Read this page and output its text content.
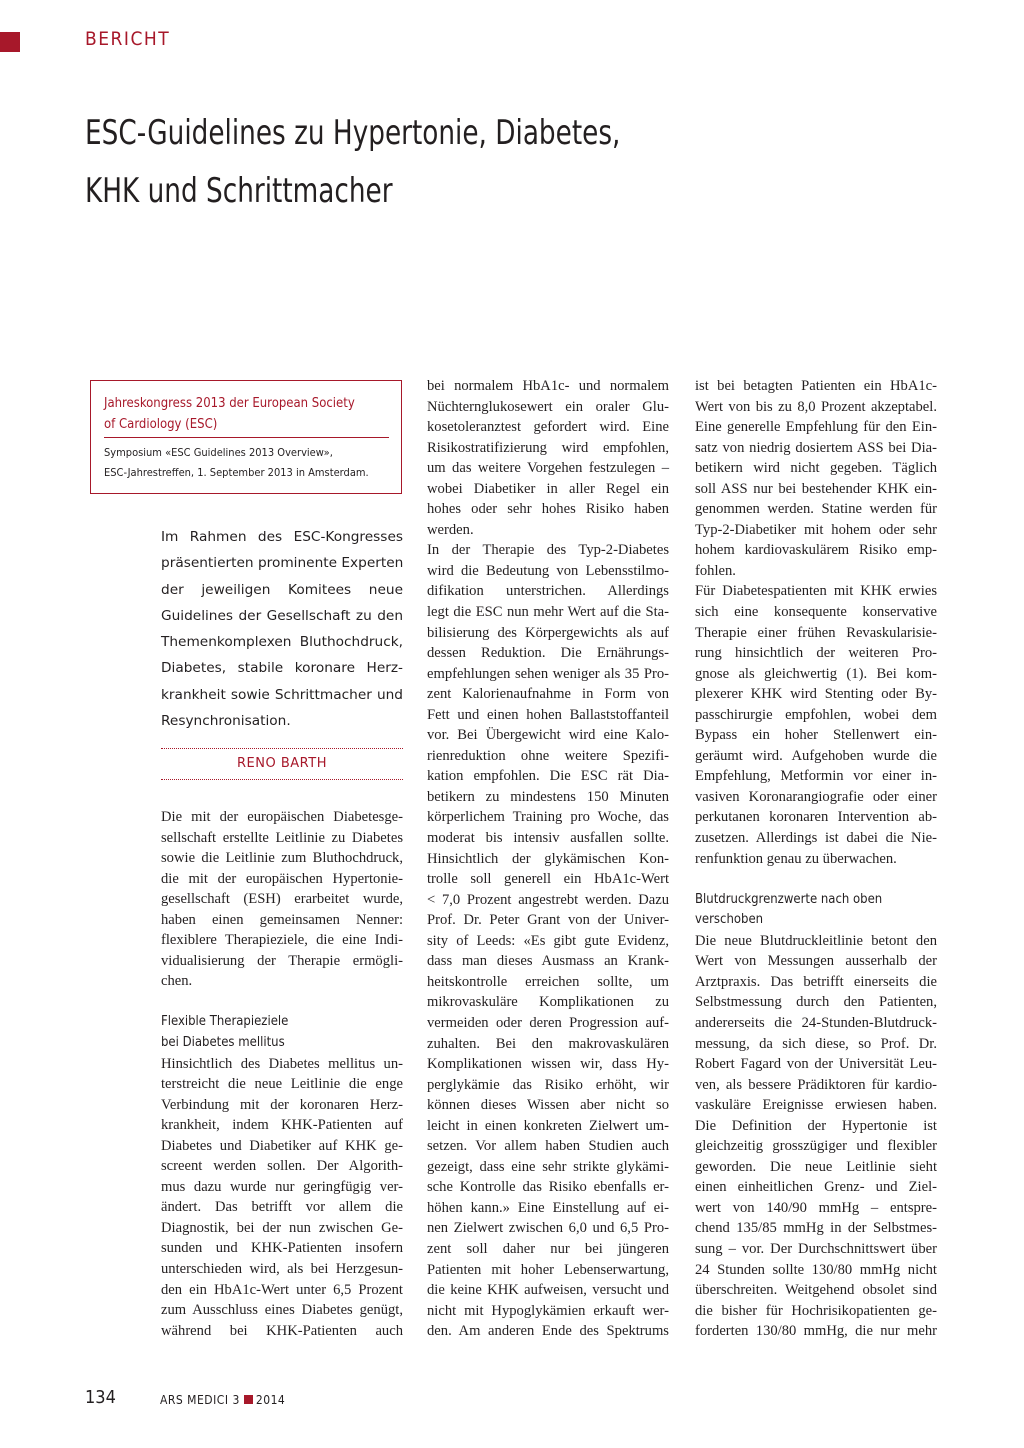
BERICHT
ESC-Guidelines zu Hypertonie, Diabetes,
KHK und Schrittmacher
Jahreskongress 2013 der European Society
of Cardiology (ESC)
Symposium «ESC Guidelines 2013 Overview»,
ESC-Jahrestreffen, 1. September 2013 in Amsterdam.
Im Rahmen des ESC-Kongresses
präsentierten prominente Experten
der jeweiligen Komitees neue
Guidelines der Gesellschaft zu den
Themenkomplexen Bluthochdruck,
Diabetes, stabile koronare Herz-
krankheit sowie Schrittmacher und
Resynchronisation.
RENO BARTH
Die mit der europäischen Diabetesge-
sellschaft erstellte Leitlinie zu Diabetes
sowie die Leitlinie zum Bluthochdruck,
die mit der europäischen Hypertonie-
gesellschaft (ESH) erarbeitet wurde,
haben einen gemeinsamen Nenner:
flexiblere Therapieziele, die eine Indi-
vidualisierung der Therapie ermögli-
chen.

Flexible Therapieziele
bei Diabetes mellitus
Hinsichtlich des Diabetes mellitus un-
terstreicht die neue Leitlinie die enge
Verbindung mit der koronaren Herz-
krankheit, indem KHK-Patienten auf
Diabetes und Diabetiker auf KHK ge-
screent werden sollen. Der Algorith-
mus dazu wurde nur geringfügig ver-
ändert. Das betrifft vor allem die
Diagnostik, bei der nun zwischen Ge-
sunden und KHK-Patienten insofern
unterschieden wird, als bei Herzgesun-
den ein HbA1c-Wert unter 6,5 Prozent
zum Ausschluss eines Diabetes genügt,
während bei KHK-Patienten auch
bei normalem HbA1c- und normalem
Nüchternglukosewert ein oraler Glu-
kosetoleranztest gefordert wird. Eine
Risikostratifizierung wird empfohlen,
um das weitere Vorgehen festzulegen –
wobei Diabetiker in aller Regel ein
hohes oder sehr hohes Risiko haben
werden.
In der Therapie des Typ-2-Diabetes
wird die Bedeutung von Lebensstilmo-
difikation unterstrichen. Allerdings
legt die ESC nun mehr Wert auf die Sta-
bilisierung des Körpergewichts als auf
dessen Reduktion. Die Ernährungs-
empfehlungen sehen weniger als 35 Pro-
zent Kalorienaufnahme in Form von
Fett und einen hohen Ballaststoffanteil
vor. Bei Übergewicht wird eine Kalo-
rienreduktion ohne weitere Spezifi-
kation empfohlen. Die ESC rät Dia-
betikern zu mindestens 150 Minuten
körperlichem Training pro Woche, das
moderat bis intensiv ausfallen sollte.
Hinsichtlich der glykämischen Kon-
trolle soll generell ein HbA1c-Wert
< 7,0 Prozent angestrebt werden. Dazu
Prof. Dr. Peter Grant von der Univer-
sity of Leeds: «Es gibt gute Evidenz,
dass man dieses Ausmass an Krank-
heitskontrolle erreichen sollte, um
mikrovaskuläre Komplikationen zu
vermeiden oder deren Progression auf-
zuhalten. Bei den makrovaskulären
Komplikationen wissen wir, dass Hy-
perglykämie das Risiko erhöht, wir
können dieses Wissen aber nicht so
leicht in einen konkreten Zielwert um-
setzen. Vor allem haben Studien auch
gezeigt, dass eine sehr strikte glykämi-
sche Kontrolle das Risiko ebenfalls er-
höhen kann.» Eine Einstellung auf ei-
nen Zielwert zwischen 6,0 und 6,5 Pro-
zent soll daher nur bei jüngeren
Patienten mit hoher Lebenserwartung,
die keine KHK aufweisen, versucht und
nicht mit Hypoglykämien erkauft wer-
den. Am anderen Ende des Spektrums
ist bei betagten Patienten ein HbA1c-
Wert von bis zu 8,0 Prozent akzeptabel.
Eine generelle Empfehlung für den Ein-
satz von niedrig dosiertem ASS bei Dia-
betikern wird nicht gegeben. Täglich
soll ASS nur bei bestehender KHK ein-
genommen werden. Statine werden für
Typ-2-Diabetiker mit hohem oder sehr
hohem kardiovaskulärem Risiko emp-
fohlen.
Für Diabetespatienten mit KHK erwies
sich eine konsequente konservative
Therapie einer frühen Revaskularisie-
rung hinsichtlich der weiteren Pro-
gnose als gleichwertig (1). Bei kom-
plexerer KHK wird Stenting oder By-
passchirurgie empfohlen, wobei dem
Bypass ein hoher Stellenwert ein-
geräumt wird. Aufgehoben wurde die
Empfehlung, Metformin vor einer in-
vasiven Koronarangiografie oder einer
perkutanen koronaren Intervention ab-
zusetzen. Allerdings ist dabei die Nie-
renfunktion genau zu überwachen.

Blutdruckgrenzwerte nach oben
verschoben
Die neue Blutdruckleitlinie betont den
Wert von Messungen ausserhalb der
Arztpraxis. Das betrifft einerseits die
Selbstmessung durch den Patienten,
andererseits die 24-Stunden-Blutdruck-
messung, da sich diese, so Prof. Dr.
Robert Fagard von der Universität Leu-
ven, als bessere Prädiktoren für kardio-
vaskuläre Ereignisse erwiesen haben.
Die Definition der Hypertonie ist
gleichzeitig grosszügiger und flexibler
geworden. Die neue Leitlinie sieht
einen einheitlichen Grenz- und Ziel-
wert von 140/90 mmHg – entspre-
chend 135/85 mmHg in der Selbstmes-
sung – vor. Der Durchschnittswert über
24 Stunden sollte 130/80 mmHg nicht
überschreiten. Weitgehend obsolet sind
die bisher für Hochrisikopatienten ge-
forderten 130/80 mmHg, die nur mehr
134	ARS MEDICI 3 2014
